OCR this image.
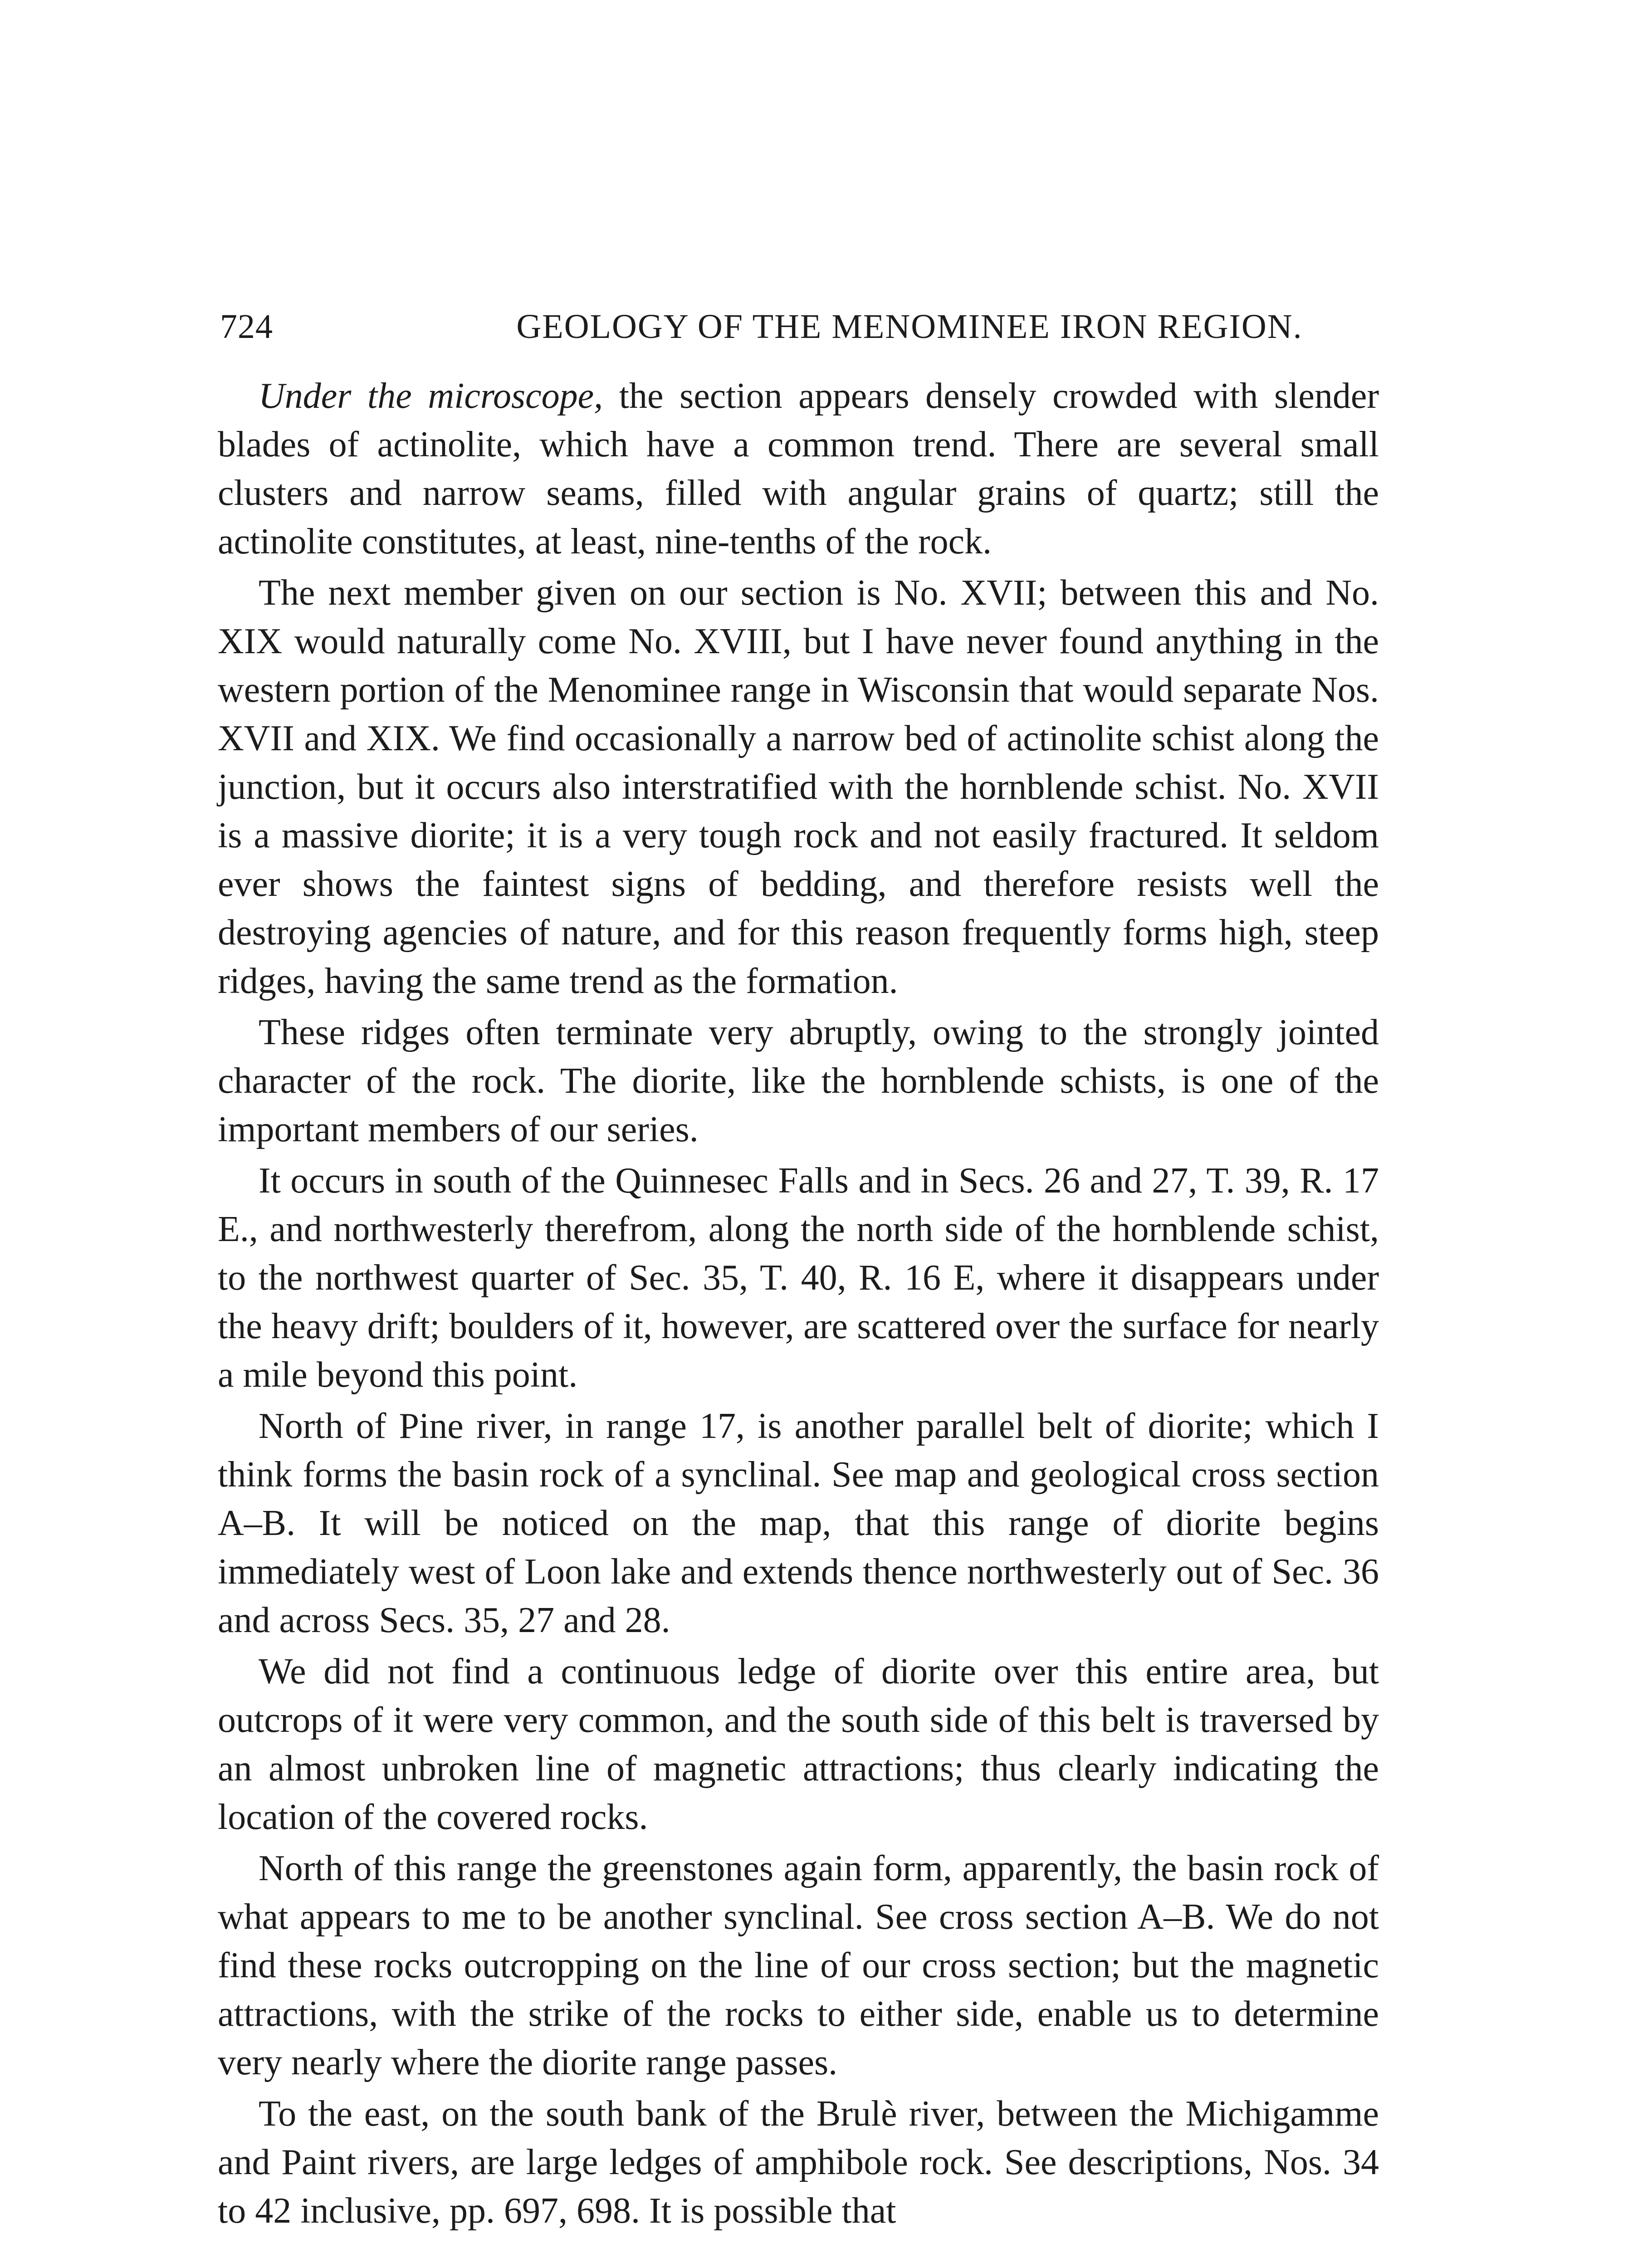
724	GEOLOGY OF THE MENOMINEE IRON REGION.

Under the microscope, the section appears densely crowded with slender blades of actinolite, which have a common trend. There are several small clusters and narrow seams, filled with angular grains of quartz; still the actinolite constitutes, at least, nine-tenths of the rock.

The next member given on our section is No. XVII; between this and No. XIX would naturally come No. XVIII, but I have never found anything in the western portion of the Menominee range in Wisconsin that would separate Nos. XVII and XIX. We find occasionally a narrow bed of actinolite schist along the junction, but it occurs also interstratified with the hornblende schist. No. XVII is a massive diorite; it is a very tough rock and not easily fractured. It seldom ever shows the faintest signs of bedding, and therefore resists well the destroying agencies of nature, and for this reason frequently forms high, steep ridges, having the same trend as the formation.

These ridges often terminate very abruptly, owing to the strongly jointed character of the rock. The diorite, like the hornblende schists, is one of the important members of our series.

It occurs in south of the Quinnesec Falls and in Secs. 26 and 27, T. 39, R. 17 E., and northwesterly therefrom, along the north side of the hornblende schist, to the northwest quarter of Sec. 35, T. 40, R. 16 E, where it disappears under the heavy drift; boulders of it, however, are scattered over the surface for nearly a mile beyond this point.

North of Pine river, in range 17, is another parallel belt of diorite; which I think forms the basin rock of a synclinal. See map and geological cross section A–B. It will be noticed on the map, that this range of diorite begins immediately west of Loon lake and extends thence northwesterly out of Sec. 36 and across Secs. 35, 27 and 28.

We did not find a continuous ledge of diorite over this entire area, but outcrops of it were very common, and the south side of this belt is traversed by an almost unbroken line of magnetic attractions; thus clearly indicating the location of the covered rocks.

North of this range the greenstones again form, apparently, the basin rock of what appears to me to be another synclinal. See cross section A–B. We do not find these rocks outcropping on the line of our cross section; but the magnetic attractions, with the strike of the rocks to either side, enable us to determine very nearly where the diorite range passes.

To the east, on the south bank of the Brulè river, between the Michigamme and Paint rivers, are large ledges of amphibole rock. See descriptions, Nos. 34 to 42 inclusive, pp. 697, 698. It is possible that
